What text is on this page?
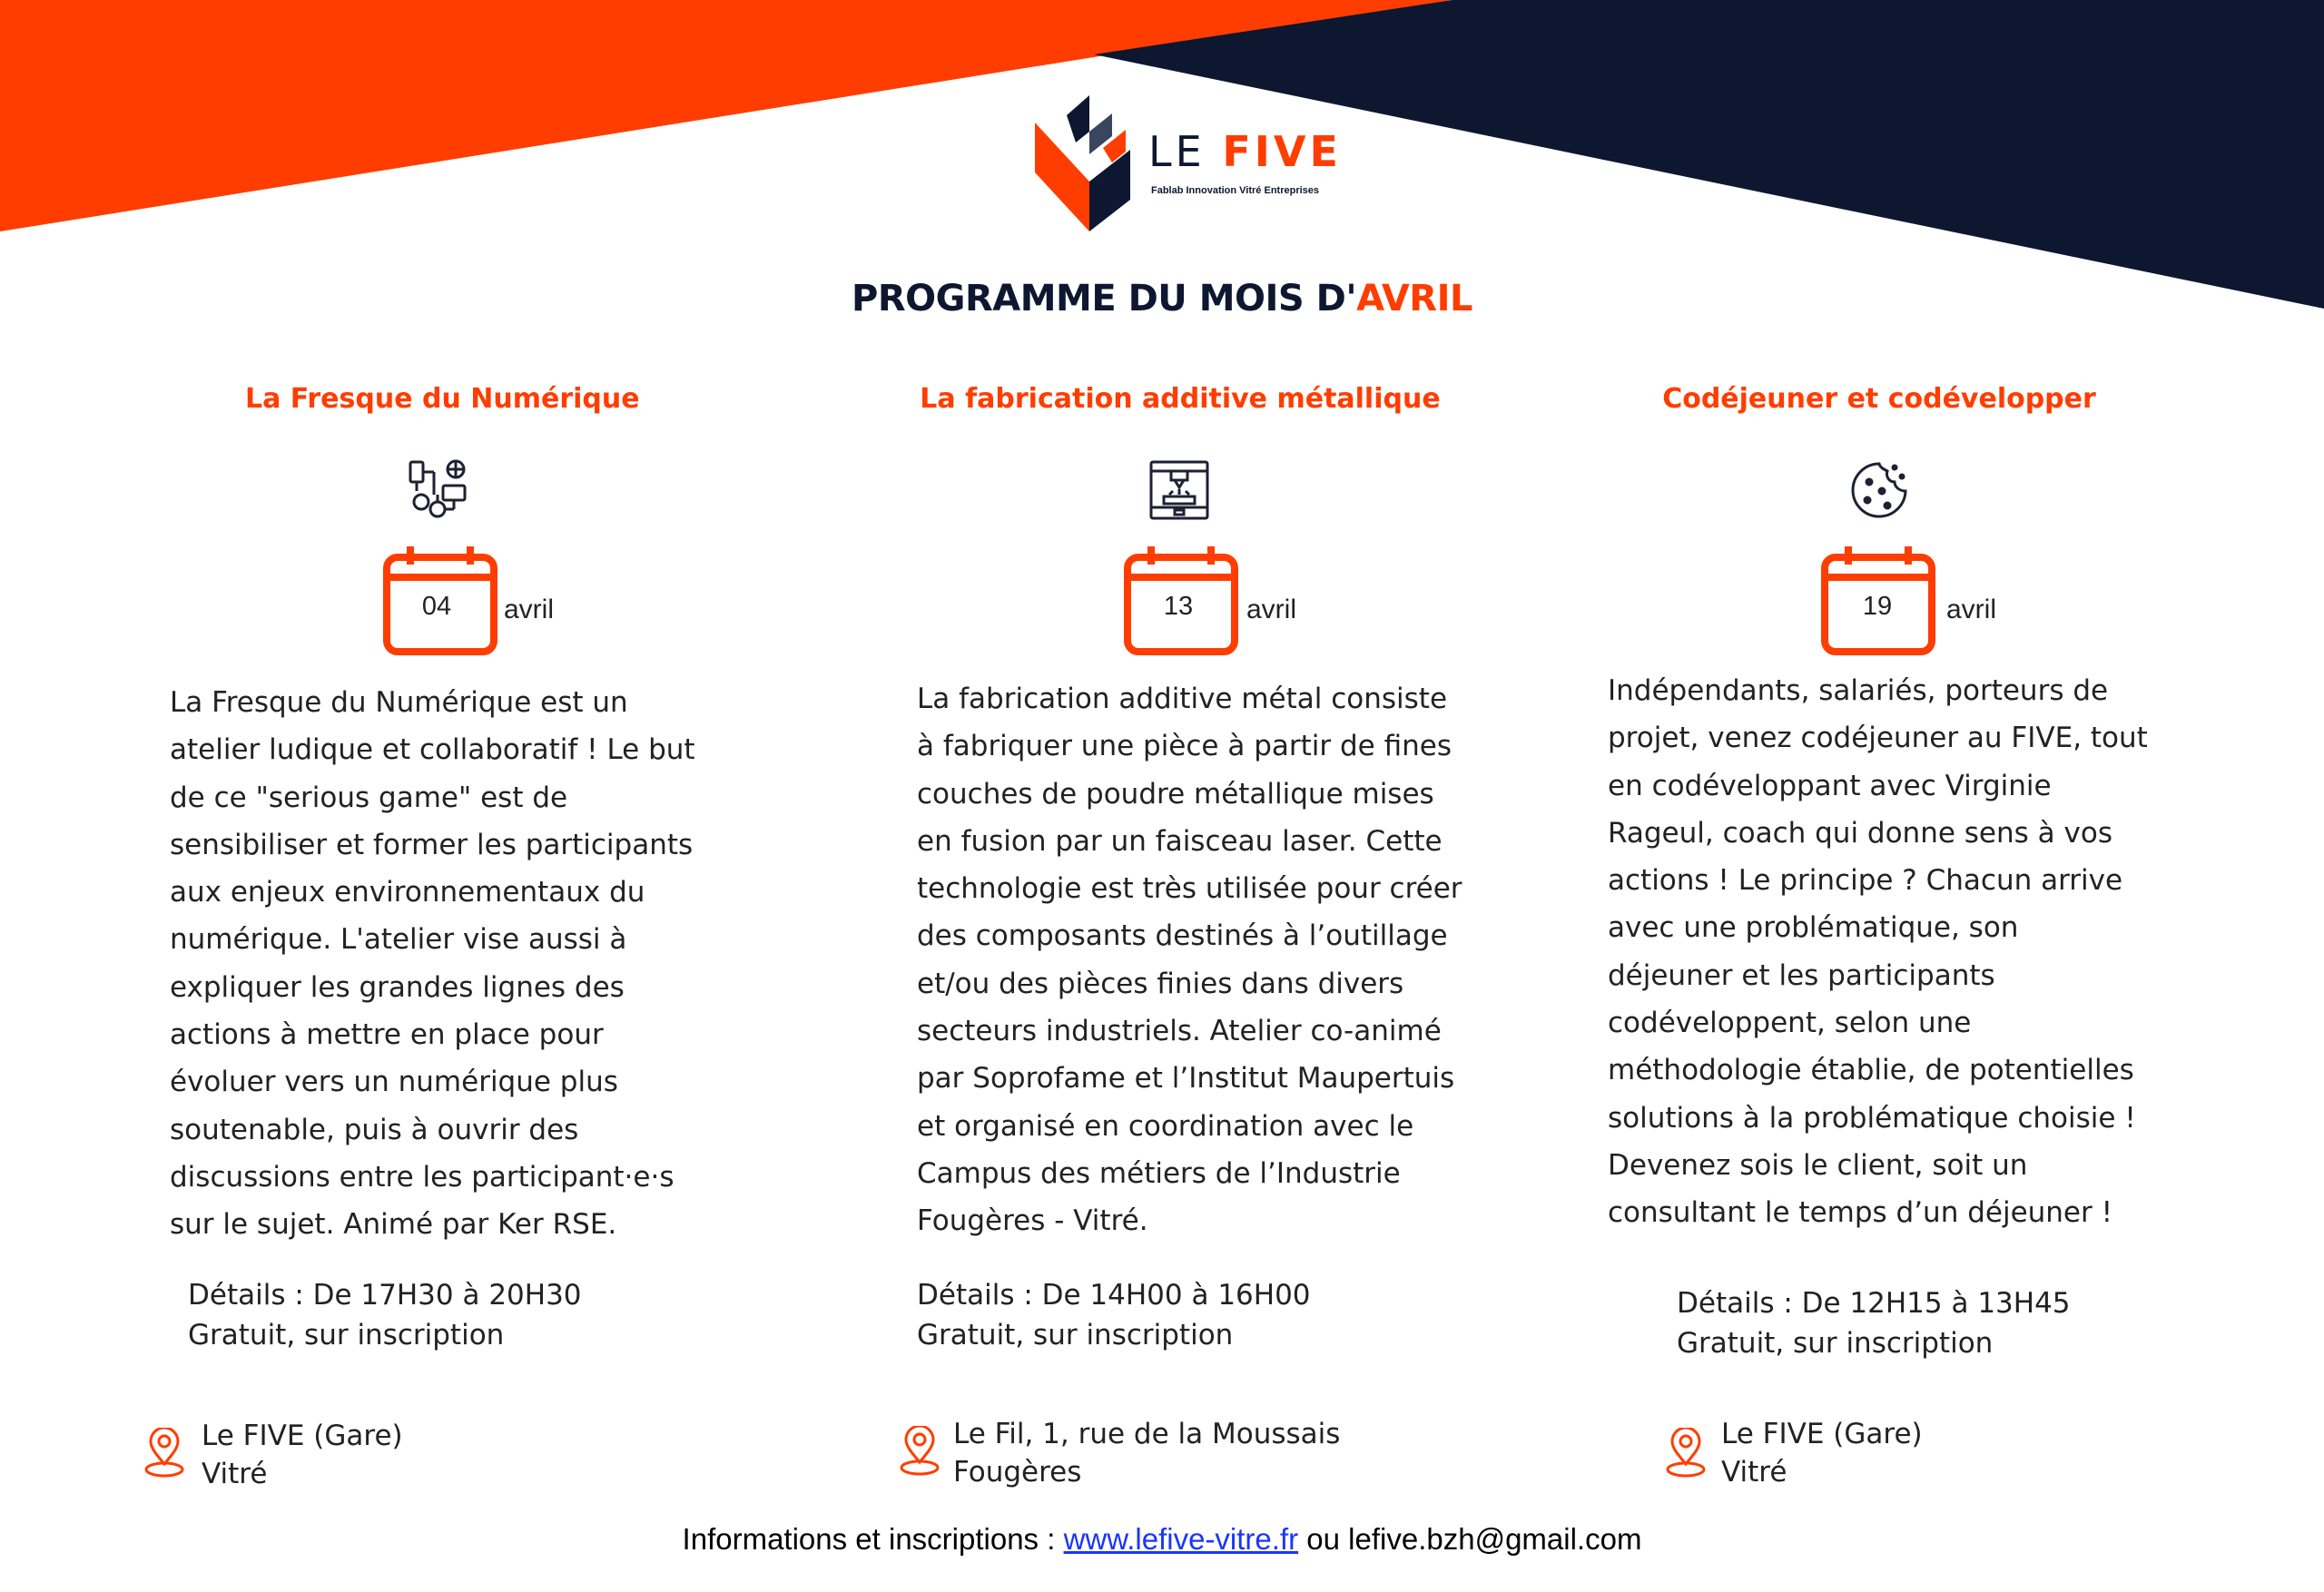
LE FIVE
Fablab Innovation Vitré Entreprises
PROGRAMME DU MOIS D'AVRIL
La Fresque du Numérique
04	avril
La Fresque du Numérique est un
atelier ludique et collaboratif ! Le but
de ce "serious game" est de
sensibiliser et former les participants
aux enjeux environnementaux du
numérique. L'atelier vise aussi à
expliquer les grandes lignes des
actions à mettre en place pour
évoluer vers un numérique plus
soutenable, puis à ouvrir des
discussions entre les participant·e·s
sur le sujet. Animé par Ker RSE.
Détails : De 17H30 à 20H30
Gratuit, sur inscription
Le FIVE (Gare)
Vitré
La fabrication additive métallique
13	avril
La fabrication additive métal consiste
à fabriquer une pièce à partir de fines
couches de poudre métallique mises
en fusion par un faisceau laser. Cette
technologie est très utilisée pour créer
des composants destinés à l’outillage
et/ou des pièces finies dans divers
secteurs industriels. Atelier co-animé
par Soprofame et l’Institut Maupertuis
et organisé en coordination avec le
Campus des métiers de l’Industrie
Fougères - Vitré.
Détails : De 14H00 à 16H00
Gratuit, sur inscription
Le Fil, 1, rue de la Moussais
Fougères
Codéjeuner et codévelopper
19	avril
Indépendants, salariés, porteurs de
projet, venez codéjeuner au FIVE, tout
en codéveloppant avec Virginie
Rageul, coach qui donne sens à vos
actions ! Le principe ? Chacun arrive
avec une problématique, son
déjeuner et les participants
codéveloppent, selon une
méthodologie établie, de potentielles
solutions à la problématique choisie !
Devenez sois le client, soit un
consultant le temps d’un déjeuner !
Détails : De 12H15 à 13H45
Gratuit, sur inscription
Le FIVE (Gare)
Vitré
Informations et inscriptions : www.lefive-vitre.fr ou lefive.bzh@gmail.com
